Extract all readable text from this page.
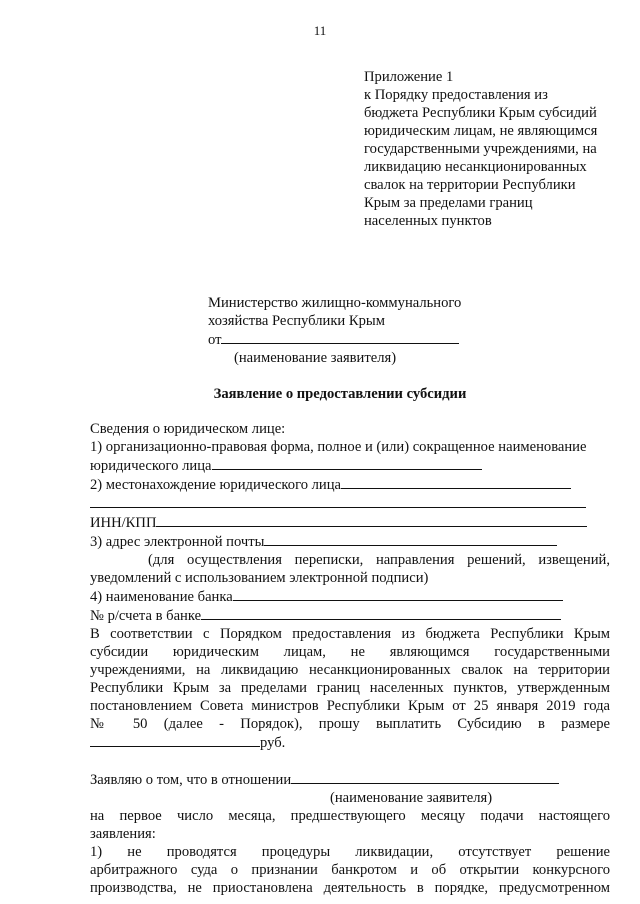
11
Приложение 1
к Порядку предоставления из
бюджета Республики Крым субсидий
юридическим лицам, не являющимся
государственными учреждениями, на
ликвидацию несанкционированных
свалок на территории Республики
Крым за пределами границ
населенных пунктов
Министерство жилищно-коммунального
хозяйства Республики Крым
от
(наименование заявителя)
Заявление о предоставлении субсидии
Сведения о юридическом лице:
1) организационно-правовая форма, полное и (или) сокращенное наименование
юридического лица
2) местонахождение юридического лица
ИНН/КПП
3) адрес электронной почты
(для осуществления переписки, направления решений, извещений,
уведомлений с использованием электронной подписи)
4) наименование банка
№ р/счета в банке
В соответствии с Порядком предоставления из бюджета Республики Крым
субсидии юридическим лицам, не являющимся государственными
учреждениями, на ликвидацию несанкционированных свалок на территории
Республики Крым за пределами границ населенных пунктов, утвержденным
постановлением Совета министров Республики Крым от 25 января 2019 года
№ 50 (далее - Порядок), прошу выплатить Субсидию в размере
руб.
Заявляю о том, что в отношении
(наименование заявителя)
на первое число месяца, предшествующего месяцу подачи настоящего
заявления:
1) не проводятся процедуры ликвидации, отсутствует решение
арбитражного суда о признании банкротом и об открытии конкурсного
производства, не приостановлена деятельность в порядке, предусмотренном
